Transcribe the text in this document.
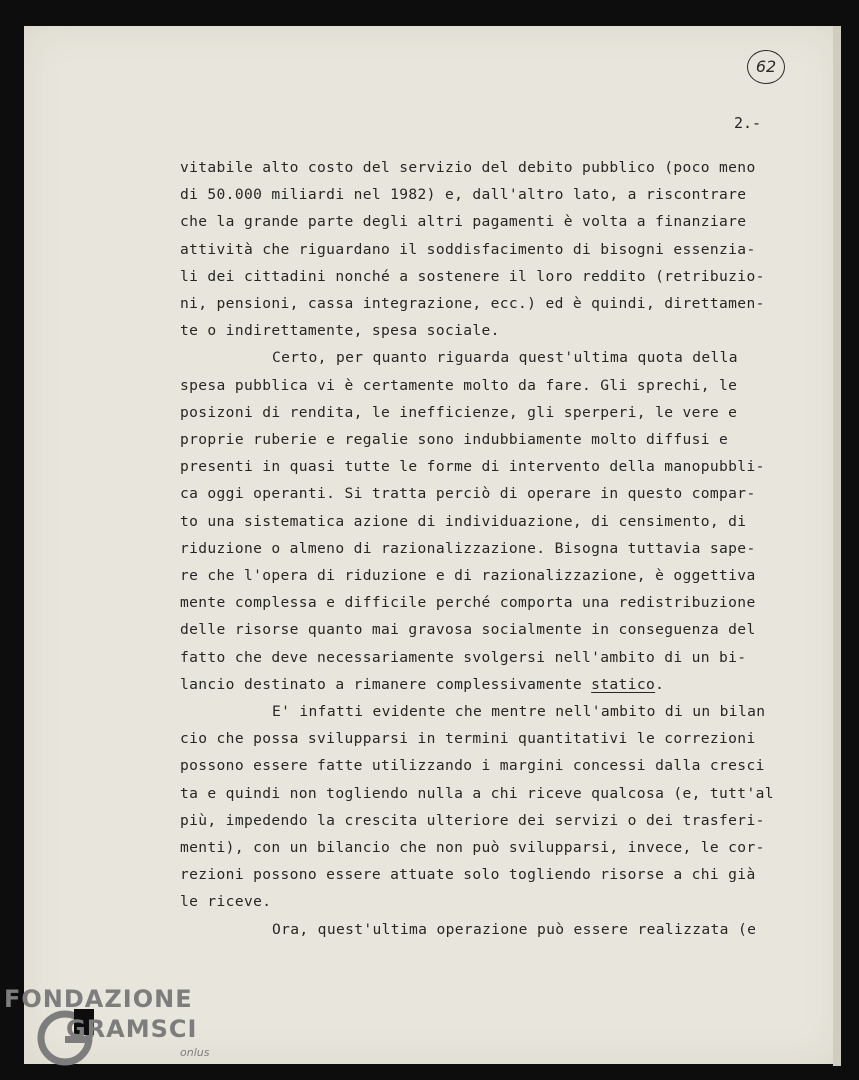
62
2.-
vitabile alto costo del servizio del debito pubblico (poco meno
di 50.000 miliardi nel 1982) e, dall'altro lato, a riscontrare
che la grande parte degli altri pagamenti è volta a finanziare
attività che riguardano il soddisfacimento di bisogni essenzia-
li dei cittadini nonché a sostenere il loro reddito (retribuzio-
ni, pensioni, cassa integrazione, ecc.) ed è quindi, direttamen-
te o indirettamente, spesa sociale.
Certo, per quanto riguarda quest'ultima quota della
spesa pubblica vi è certamente molto da fare. Gli sprechi, le
posizoni di rendita, le inefficienze, gli sperperi, le vere e
proprie ruberie e regalie sono indubbiamente molto diffusi e
presenti in quasi tutte le forme di intervento della manopubbli-
ca oggi operanti. Si tratta perciò di operare in questo compar-
to una sistematica azione di individuazione, di censimento, di
riduzione o almeno di razionalizzazione. Bisogna tuttavia sape-
re che l'opera di riduzione e di razionalizzazione, è oggettiva
mente complessa e difficile perché comporta una redistribuzione
delle risorse quanto mai gravosa socialmente in conseguenza del
fatto che deve necessariamente svolgersi nell'ambito di un bi-
lancio destinato a rimanere complessivamente statico.
E' infatti evidente che mentre nell'ambito di un bilan
cio che possa svilupparsi in termini quantitativi le correzioni
possono essere fatte utilizzando i margini concessi dalla cresci
ta e quindi non togliendo nulla a chi riceve qualcosa (e, tutt'al
più, impedendo la crescita ulteriore dei servizi o dei trasferi-
menti), con un bilancio che non può svilupparsi, invece, le cor-
rezioni possono essere attuate solo togliendo risorse a chi già
le riceve.
Ora, quest'ultima operazione può essere realizzata (e
FONDAZIONE
GRAMSCI
onlus
